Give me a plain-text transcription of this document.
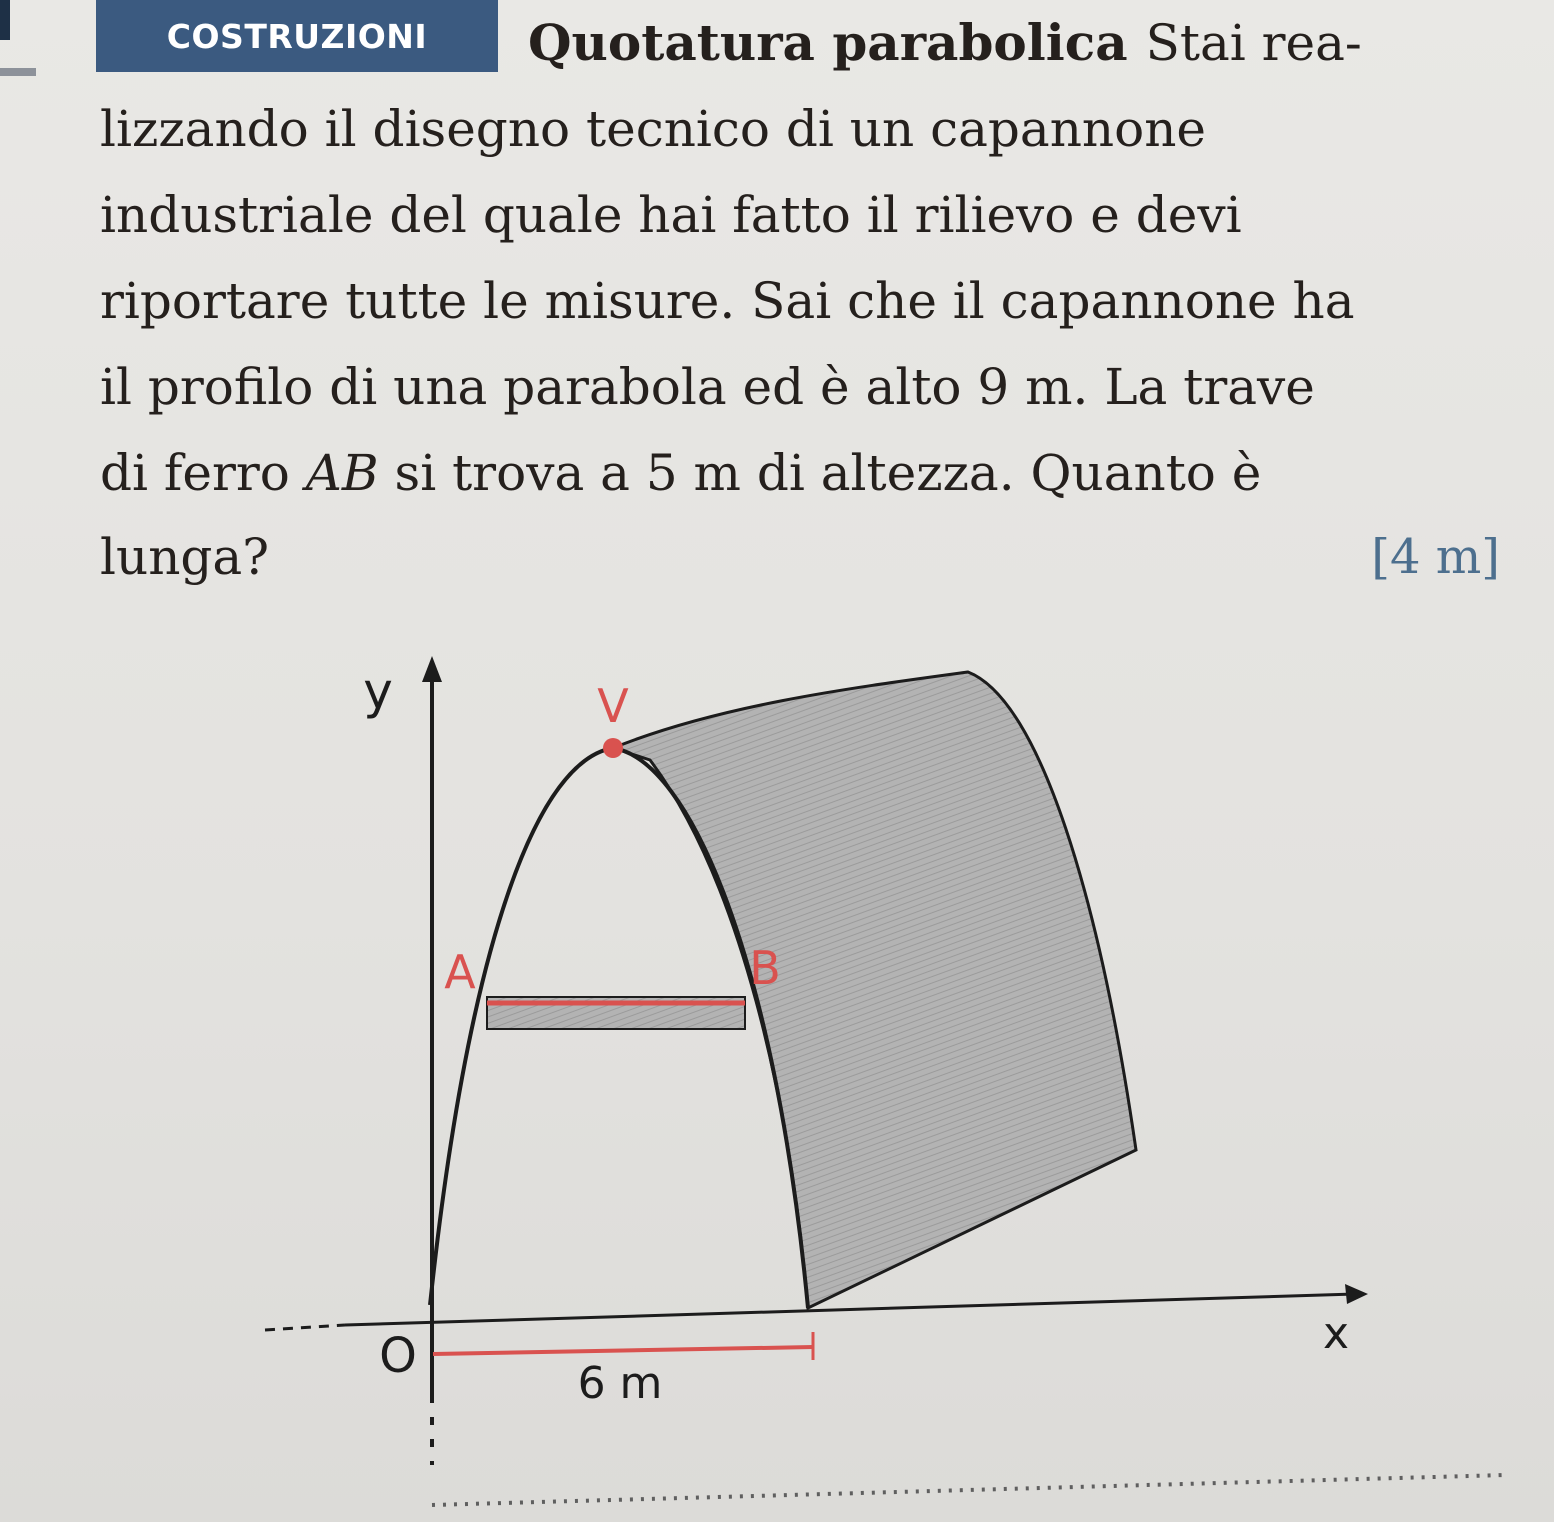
COSTRUZIONI	Quotatura parabolica Stai rea-
lizzando il disegno tecnico di un capannone
industriale del quale hai fatto il rilievo e devi
riportare tutte le misure. Sai che il capannone ha
il profilo di una parabola ed è alto 9 m. La trave
di ferro AB si trova a 5 m di altezza. Quanto è
lunga?	[4 m]
y
x
O
V
A	B
6 m
